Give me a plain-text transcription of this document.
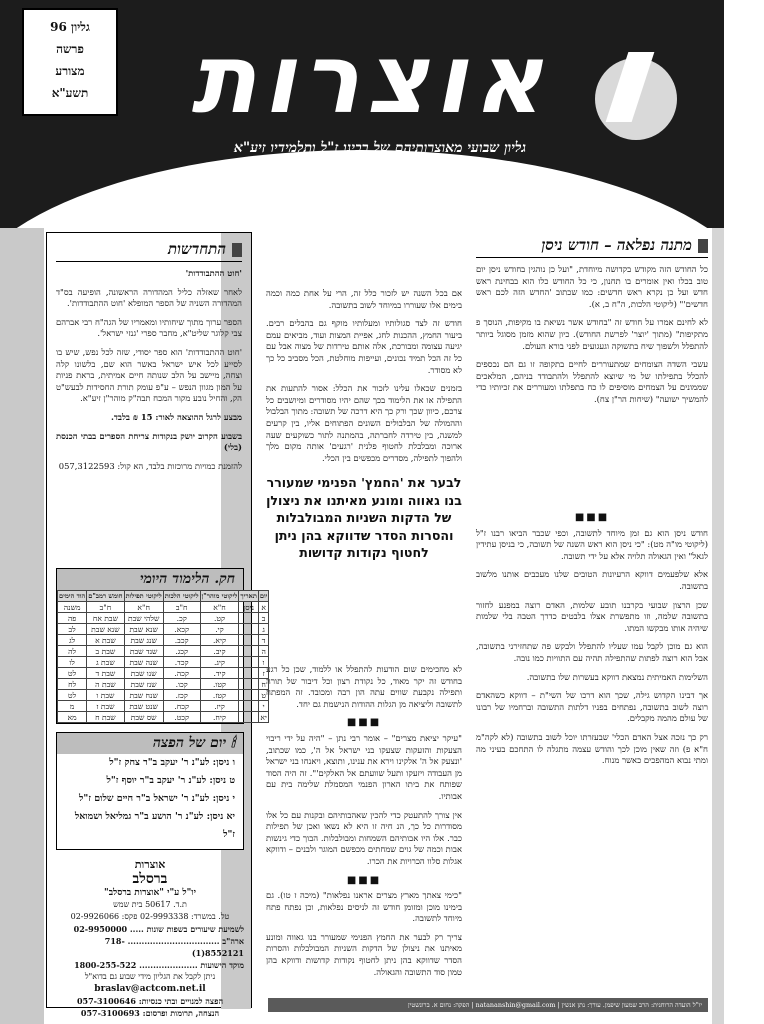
גליון 96
פרשה
מצורע
תשע"א	אוצרות
גליון שבועי מאוצרותיהם של רבינו ז"ל ותלמידיו זיע"א
מתנה נפלאה – חודש ניסן

כל החודש הזה מקודש בקדושה מיוחדת, "ועל כן נוהגין בחודש ניסן יום טוב בכלו ואין אומרים בו תחנון, כי כל החודש כלו הוא בבחינת ראש חדש ועל כן נקרא ראש חדשים: כמו שכתוב 'החדש הזה לכם ראש חדשים'" (ליקוטי הלכות, ה"ח ב, א).

לא לחינם אמרו על חודש זה "בחודש אשר נשיאת בו מקיפות, הנוסך פ מתקיפות" (מתוך 'יוצר' לפרשת החודש). כיון שהוא מזמן מסוגל ביותר להתפלל ולשפוך שיח בתשוקה וגעגועים לפני בורא העולם.

עשבי השדה הצומחים שמתעוררים לחיים בתקופה זו גם הם נכספים להכלל בתפילתו של מי שיוצא להתפלל ולהתבודד בניהם, המלאכים שממונים על הצמחים מוסיפים לו כח בתפלתו ומעוררים את זכיותיו כדי להמשיך ישועה" (שיחות הר"ן צח).

■■■

חודש ניסן הוא גם זמן מיוחד לתשובה, וכפי שכבר הביאו רבנו ז"ל (ליקוטי מו"ה מט): "כי ניסן הוא ראש השנה של תשובה, כי בניסן עתידין לגאל" ואין הגאולה תלויה אלא על ידי תשובה.

אלא שלפעמים דווקא הרעיונות הטובים שלנו מעכבים אותנו מלשוב בתשובה.

שכן הרצון שבועי בקרבנו תובע שלמות, האדם רוצה במפנע לחזור בתשובה שלמה, וזו מתפשרת אצלו בלבטים כדרך הטבה בלי שלמות שיהיה אותו מבקשו המתו.

הוא גם מוכן לקבל עמו שעליו להתפלל ולבקש פה שתחזירני בתשובה, אבל הוא רוצה לפתות שהתפילה תהיה עם התוויות כמו נובה.

השלימות האמיתית נמצאת דווקא בעשרות שלו בתשובה.

אך דבינו הקדוש גילה, שכך הוא דרכו של השי"ת – דווקא כשהאדם רוצה לשוב בתשובה, נפתחים בפניו דלתות התשובה וברחמיו של רבונו של עולם מהמה מקבלים.

רק כך נזכה אצל האדם הכלי' שבעזרתו יוכל לשוב בתשובה (לא לקה"מ ח"א פ) וזה שאין מוכן לכך והודש עצמה מתגלה לו התחכם בעיני מה ומתי נבוא המהפכים כאשר מנוח.

אם בכל השנה יש לזכור כלל זה, הרי על אחת כמה וכמה בימים אלו שעוררו במיוחד לשוב בתשובה.

חודש זה לצד סגולותיו ומעלותיו מוקף גם בהבלים רבים. ביעור החמץ, ההכנות לחג, אפיית המצות ועוד, מביאים עמם יגיעה עצומה ומבורכת, אלה אותם טירדות של מצוה אבל עם כל זה הכל תמיד נכונים, ועייפות מוחלטת, הכל מסביב כל כך לא מסודר.

בזמנים שכאלו עלינו לזכור את הכלל: אסור להתעות את התפילה או את הלימוד בכך שהם יהיו מסודרים ומיושבים כל צרכם, כיוון שכך ורק כך היא דרכה של תשובה: מתוך הבלבול וההמולה של הבלבולים השונים הפתוחים אליו, בין קרעים למשנה, בין טירדה לחברתה, בהמתנה לתור כשוקעים שעה ארוכה ומבלבלת לחטוף פלנית 'רגעים' אותה מקום מלך ולהפוך לתפילה, מסדרים מכפשים בין הכלי.

לבער את 'החמץ' הפנימי שמעורר בנו גאווה ומונע מאיתנו את ניצולן של הדקות השניות המבולבלות והסרות הסדר שדווקא בהן ניתן לחטוף נקודות קדושות

לא מחכימים שום הודעות להתפלל או ללמוד, שכן כל רגע בחודש זה יקר מאוד, כל נקודת רצון וכל דיבור של תורה ותפילה נקבעת שווים עתה הון רבה ומכובד. זה המפתח לתשובה וליציאה מן הגלות ההודות הנישמת גם יחד.

■■■

"עיקר יציאת מצרים" – אומר רבי נתן – "היה על ידי ריבוי הצעקות והזעקות שצעקו בני ישראל אל ה', כמו שכתוב, 'ונצעק אל ה' אלקינו וירא את ענינו, ותוצא, ויאנחו בני ישראל מן העבודה ויזעקו ותעל שוועתם אל האלקים'". זה היה הסוד שפותח את ביתו הארון הפנמי המסמלת שלימה בית עם אבותיו.

אין צורך להתעטק כדי להכין שאהבותיהם ובקנות עם כל אלו מסודרות כל כך, הנ חיה זו היא לא נשאו ואכן של תפילות כבר. אלו היו אבותיהם השמחות ומבולבלות. הבוך כדי גינשות אבות וכמה של גוים שמחתים מכפשם המוגר ולבנים – ודווקא אגלות סלוו הכרויות את הכרו.

■■■

"כימי צאתך מארץ מצרים אראנו נפלאות" (מיכה ז טו). גם בימינו מוכן ומזומן חודש זה לניסים נפלאות, וכן נפתח פתח מיוחד לתשובה.

צריך רק לבער את החמץ הפנימי שמעורר בנו גאווה ומונע מאיתנו את ניצולן של הדקות השניות המבולבלות והסרות הסדר שדווקא בהן ניתן לחטוף נקודות קדושות ודווקא בהן טמון סוד התשובה והגאולה.

התחדשות

'חוט ההתבודדות'

לאחר שאזלה כליל המהדורה הראשונה, הופיעה בס"ד המהדורה השניה של הספר המופלא 'חוט ההתבודדות'.

הספר ערוך מתוך שיחותיו ומאמריו של הגה"ח רבי אברהם צבי קלוגר שליט"א, מחבר ספרי 'גנזי ישראל'.

'חוט ההתבודדות' הוא ספר יסודי, שזה לכל נפש, שיש בו לסייע לכל איש ישראל באשר הוא שם, בלשונו קלה וצחה, מיישב על הלב שנותה חיים אמיתית, בראת פניות על המון מגוון הנפש – ע"פ עומק תורת החסידות לבעש"ט הק, והחיל נובע מקור המכח תבה"ק מוהר"ן זיע"א.

מבצע לרגל ההוצאה לאור: 15 ₪ בלבד.

בשבוע הקרוב יושק בנקודות צריחת הספרים בבתי הכנסת (בלי)

להזמנת כמויות מרוכזות בלבד, הא קול: 057,3122593

חק. הלימוד היומי
יום	תאריך	ליקוטי מוהר"ן	ליקוטי הלכות	ליקוטי תפילות	חומש רמב"ם	הוד הימים
א	ניסן	ח"א	ח"ב	ח"א	ח"ב	משנה
ב		קט.	קכ.	שלהי שבת	שבת אח	פה
ג		קי.	קכא.	שנא שבת	שנא שבת	לב
ד		קיא.	קכב.	שנג שבת	שבת א	לג
ה		קיב.	קכג.	שנד שבת	שבת ב	לה
ו		קיג.	קכד.	שנה שבת	שבת ג	לו
ז		קיד.	קכה.	שנו שבת	שבת ד	לט
ח		קטו.	קכו.	שנז שבת	שבת ה	לח
ט		קטז.	קכז.	שנח שבת	שבת ו	לט
י		קיז.	קכח.	שנט שבת	שבת ז	מ
יא		קיח.	קכט.	שס שבת	שבת ח	מא
🕯 יום של הפצה
ו ניסן: לע"נ ר' יעקב ב"ר צחק ז"ל
ט ניסן: לע"נ ר' יעקב ב"ר יוסף ז"ל
י ניסן: לע"נ ר' ישראל ב"ר חיים שלום ז"ל
יא ניסן: לע"נ ר' הושע ב"ר גמליאל ושמואל ז"ל
אוצרות
ברסלב
יו"ל ע"י "אוצרות ברסלב"
ת.ד. 50617 בית שמש
טל. במשרד: 02-9993338 פקס: 02-9926066
לשמיעת שיעורים בשפות שונות ..... 02-9950000
ארה"ב ................................. 718-8552121(1)
מוקד הישועות ..................... 1800-255-522
ניתן לקבל את הגליון מידי שבוע גם בדוא"ל
braslav@actcom.net.il
הפצה למנויים ובתי כנסיות: 057-3100646
הנצחה, תרומות ופרסום: 057-3100693
יו"ל הועדה הרוחנית: הרב שמעון שיפמן. עורך: נתן אנשין | natananshin@gmail.com | הפקה: נחום א. ברונשטין
